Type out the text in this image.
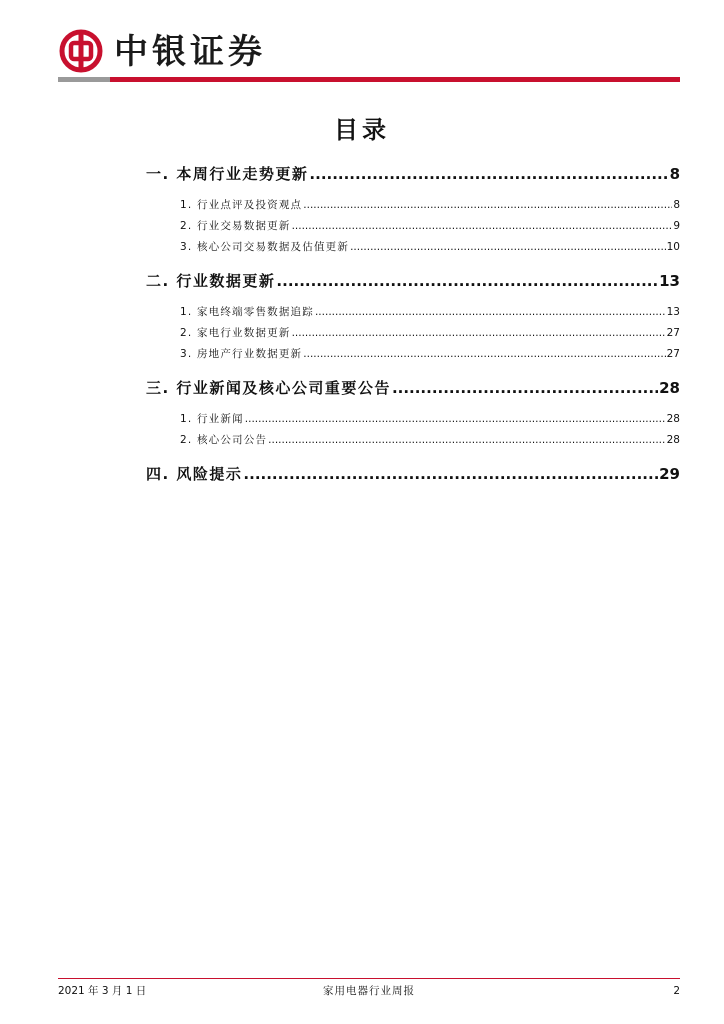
中银证券
目录
一. 本周行业走势更新 .....	8
1. 行业点评及投资观点 .....	8
2. 行业交易数据更新 .....	9
3. 核心公司交易数据及估值更新 .....	10
二. 行业数据更新 .....	13
1. 家电终端零售数据追踪 .....	13
2. 家电行业数据更新 .....	27
3. 房地产行业数据更新 .....	27
三. 行业新闻及核心公司重要公告 .....	28
1. 行业新闻 .....	28
2. 核心公司公告 .....	28
四. 风险提示 .....	29
2021 年 3 月 1 日	家用电器行业周报	2
